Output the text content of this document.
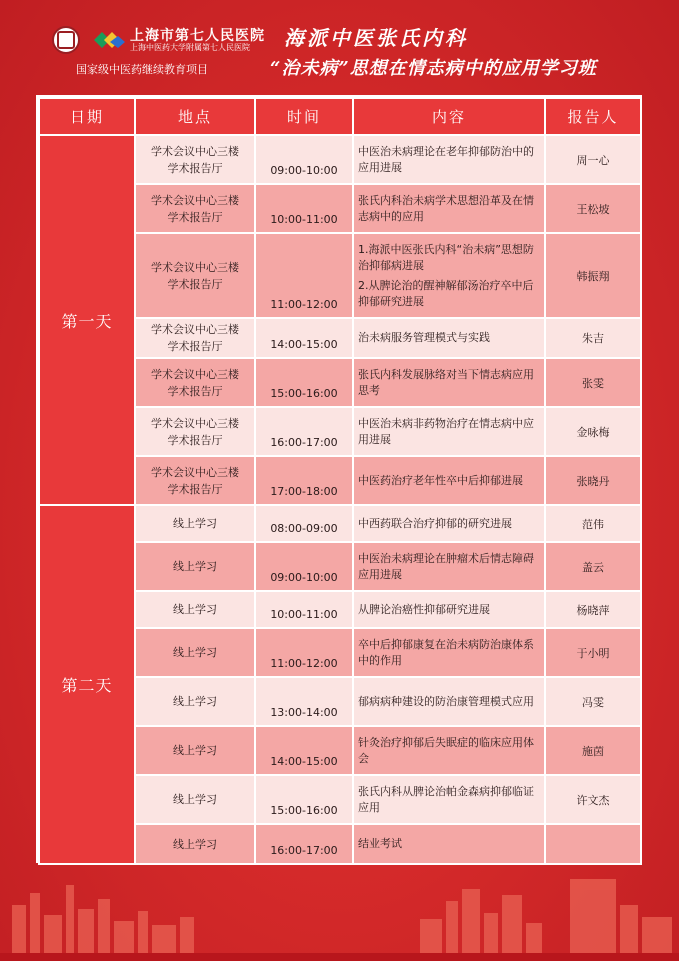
上海市第七人民医院
上海中医药大学附属第七人民医院
国家级中医药继续教育项目
海派中医张氏内科
“治未病”思想在情志病中的应用学习班
日期	地点	时间	内容	报告人
第一天	学术会议中心三楼
学术报告厅	09:00-10:00	中医治未病理论在老年抑郁防治中的应用进展	周一心

	学术会议中心三楼
学术报告厅	10:00-11:00	张氏内科治未病学术思想沿革及在情志病中的应用	王松坡

	学术会议中心三楼
学术报告厅	11:00-12:00	1.海派中医张氏内科“治未病”思想防治抑郁病进展
2.从脾论治的醒神解郁汤治疗卒中后抑郁研究进展	韩振翔

	学术会议中心三楼
学术报告厅	14:00-15:00	治未病服务管理模式与实践	朱吉

	学术会议中心三楼
学术报告厅	15:00-16:00	张氏内科发展脉络对当下情志病应用思考	张雯

	学术会议中心三楼
学术报告厅	16:00-17:00	中医治未病非药物治疗在情志病中应用进展	金咏梅

	学术会议中心三楼
学术报告厅	17:00-18:00	中医药治疗老年性卒中后抑郁进展	张晓丹
第二天	线上学习	08:00-09:00	中西药联合治疗抑郁的研究进展	范伟

	线上学习	09:00-10:00	中医治未病理论在肿瘤术后情志障碍应用进展	盖云

	线上学习	10:00-11:00	从脾论治癌性抑郁研究进展	杨晓萍

	线上学习	11:00-12:00	卒中后抑郁康复在治未病防治康体系中的作用	于小明

	线上学习	13:00-14:00	郁病病种建设的防治康管理模式应用	冯雯

	线上学习	14:00-15:00	针灸治疗抑郁后失眠症的临床应用体会	施茵

	线上学习	15:00-16:00	张氏内科从脾论治帕金森病抑郁临证应用	许文杰

	线上学习	16:00-17:00	结业考试	
